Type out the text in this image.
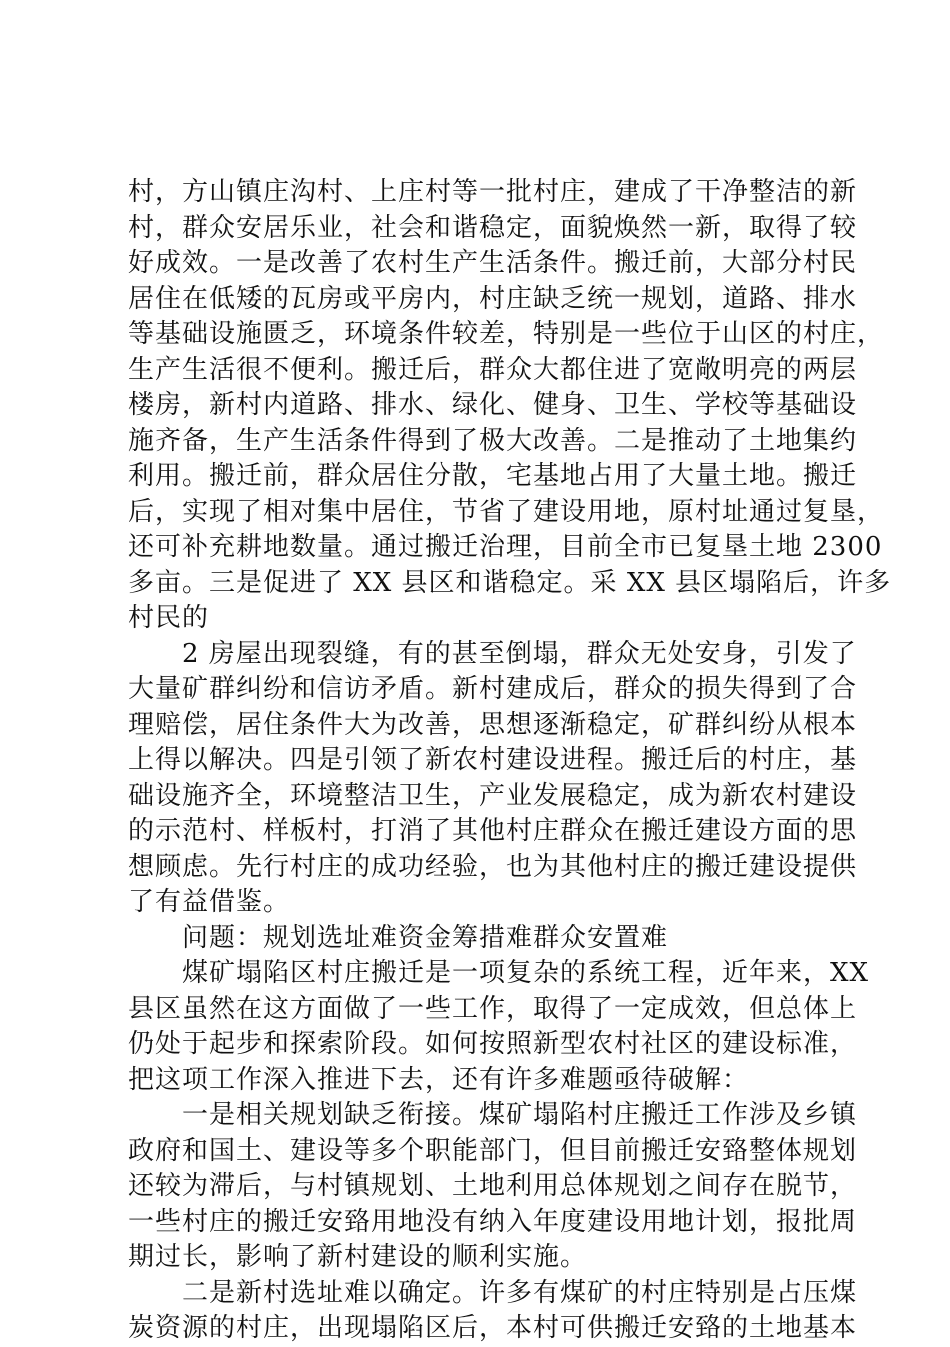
村，方山镇庄沟村、上庄村等一批村庄，建成了干净整洁的新
村，群众安居乐业，社会和谐稳定，面貌焕然一新，取得了较
好成效。一是改善了农村生产生活条件。搬迁前，大部分村民
居住在低矮的瓦房或平房内，村庄缺乏统一规划，道路、排水
等基础设施匮乏，环境条件较差，特别是一些位于山区的村庄，
生产生活很不便利。搬迁后，群众大都住进了宽敞明亮的两层
楼房，新村内道路、排水、绿化、健身、卫生、学校等基础设
施齐备，生产生活条件得到了极大改善。二是推动了土地集约
利用。搬迁前，群众居住分散，宅基地占用了大量土地。搬迁
后，实现了相对集中居住，节省了建设用地，原村址通过复垦，
还可补充耕地数量。通过搬迁治理，目前全市已复垦土地 2300
多亩。三是促进了 XX 县区和谐稳定。采 XX 县区塌陷后，许多
村民的
2 房屋出现裂缝，有的甚至倒塌，群众无处安身，引发了
大量矿群纠纷和信访矛盾。新村建成后，群众的损失得到了合
理赔偿，居住条件大为改善，思想逐渐稳定，矿群纠纷从根本
上得以解决。四是引领了新农村建设进程。搬迁后的村庄，基
础设施齐全，环境整洁卫生，产业发展稳定，成为新农村建设
的示范村、样板村，打消了其他村庄群众在搬迁建设方面的思
想顾虑。先行村庄的成功经验，也为其他村庄的搬迁建设提供
了有益借鉴。
问题：规划选址难资金筹措难群众安置难
煤矿塌陷区村庄搬迁是一项复杂的系统工程，近年来，XX
县区虽然在这方面做了一些工作，取得了一定成效，但总体上
仍处于起步和探索阶段。如何按照新型农村社区的建设标准，
把这项工作深入推进下去，还有许多难题亟待破解：
一是相关规划缺乏衔接。煤矿塌陷村庄搬迁工作涉及乡镇
政府和国土、建设等多个职能部门，但目前搬迁安臵整体规划
还较为滞后，与村镇规划、土地利用总体规划之间存在脱节，
一些村庄的搬迁安臵用地没有纳入年度建设用地计划，报批周
期过长，影响了新村建设的顺利实施。
二是新村选址难以确定。许多有煤矿的村庄特别是占压煤
炭资源的村庄，出现塌陷区后，本村可供搬迁安臵的土地基本
